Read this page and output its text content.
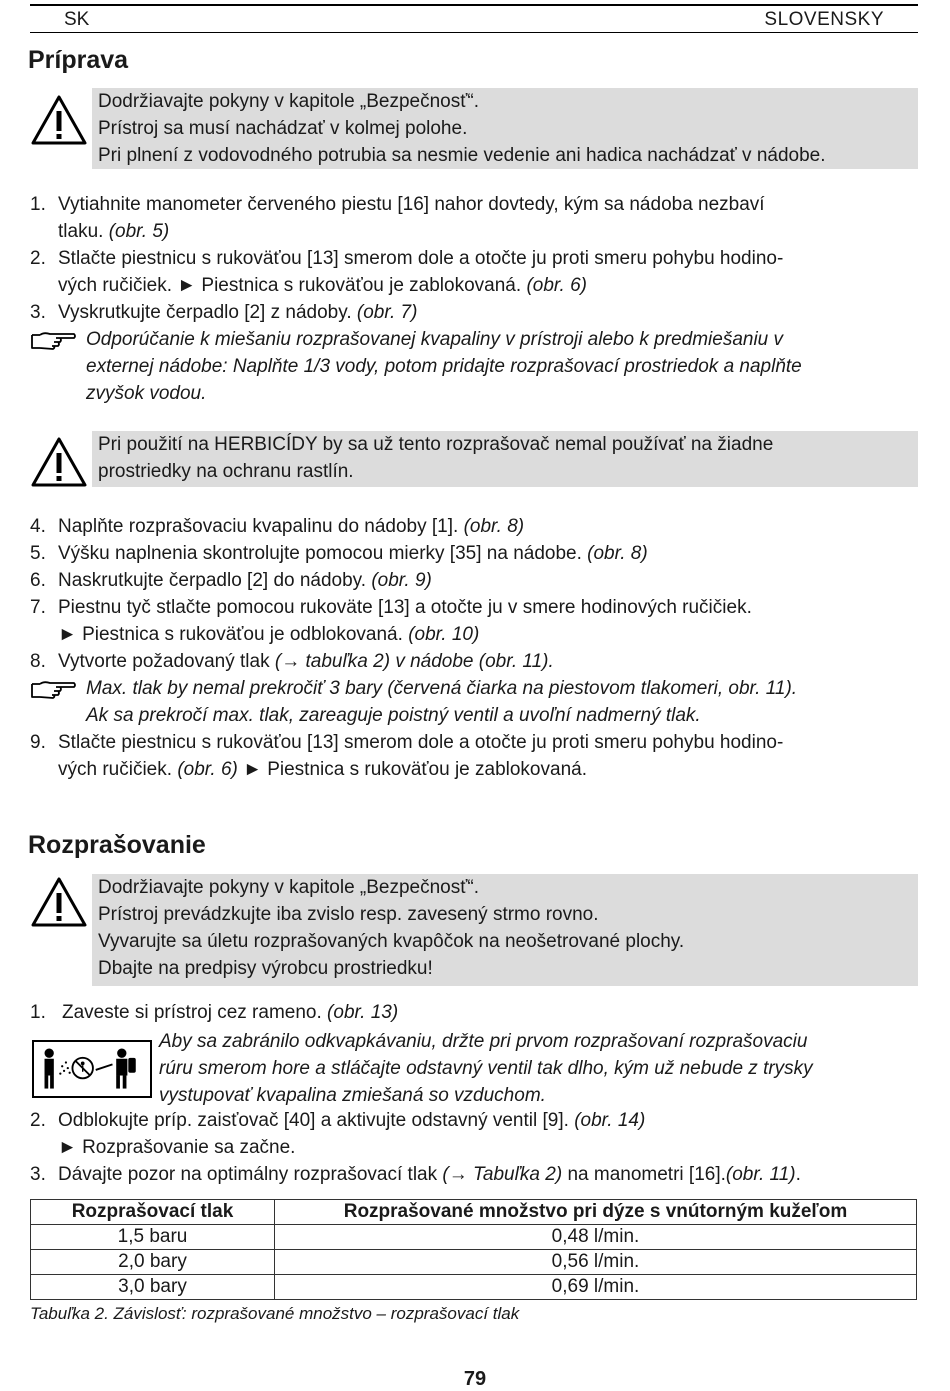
SK	SLOVENSKY
Príprava
Dodržiavajte pokyny v kapitole „Bezpečnosť“.
Prístroj sa musí nachádzať v kolmej polohe.
Pri plnení z vodovodného potrubia sa nesmie vedenie ani hadica nachádzať v nádobe.
1. Vytiahnite manometer červeného piestu [16] nahor dovtedy, kým sa nádoba nezbaví
tlaku. (obr. 5)
2. Stlačte piestnicu s rukoväťou [13] smerom dole a otočte ju proti smeru pohybu hodino-
vých ručičiek. ► Piestnica s rukoväťou je zablokovaná. (obr. 6)
3. Vyskrutkujte čerpadlo [2] z nádoby. (obr. 7)
Odporúčanie k miešaniu rozprašovanej kvapaliny v prístroji alebo k predmiešaniu v
externej nádobe: Naplňte 1/3 vody, potom pridajte rozprašovací prostriedok a naplňte
zvyšok vodou.
Pri použití na HERBICÍDY by sa už tento rozprašovač nemal používať na žiadne
prostriedky na ochranu rastlín.
4. Naplňte rozprašovaciu kvapalinu do nádoby [1]. (obr. 8)
5. Výšku naplnenia skontrolujte pomocou mierky [35] na nádobe. (obr. 8)
6. Naskrutkujte čerpadlo [2] do nádoby. (obr. 9)
7. Piestnu tyč stlačte pomocou rukoväte [13] a otočte ju v smere hodinových ručičiek.
► Piestnica s rukoväťou je odblokovaná. (obr. 10)
8. Vytvorte požadovaný tlak (→ tabuľka 2) v nádobe (obr. 11).
Max. tlak by nemal prekročiť 3 bary (červená čiarka na piestovom tlakomeri, obr. 11).
Ak sa prekročí max. tlak, zareaguje poistný ventil a uvoľní nadmerný tlak.
9. Stlačte piestnicu s rukoväťou [13] smerom dole a otočte ju proti smeru pohybu hodino-
vých ručičiek. (obr. 6) ► Piestnica s rukoväťou je zablokovaná.
Rozprašovanie
Dodržiavajte pokyny v kapitole „Bezpečnosť“.
Prístroj prevádzkujte iba zvislo resp. zavesený strmo rovno.
Vyvarujte sa úletu rozprašovaných kvapôčok na neošetrované plochy.
Dbajte na predpisy výrobcu prostriedku!
1. Zaveste si prístroj cez rameno. (obr. 13)
Aby sa zabránilo odkvapkávaniu, držte pri prvom rozprašovaní rozprašovaciu
rúru smerom hore a stláčajte odstavný ventil tak dlho, kým už nebude z trysky
vystupovať kvapalina zmiešaná so vzduchom.
2. Odblokujte príp. zaisťovač [40] a aktivujte odstavný ventil [9]. (obr. 14)
► Rozprašovanie sa začne.
3. Dávajte pozor na optimálny rozprašovací tlak (→ Tabuľka 2) na manometri [16].(obr. 11).
Rozprašovací tlak	Rozprašované množstvo pri dýze s vnútorným kužeľom
1,5 baru	0,48 l/min.
2,0 bary	0,56 l/min.
3,0 bary	0,69 l/min.
Tabuľka 2. Závislosť: rozprašované množstvo – rozprašovací tlak
79
